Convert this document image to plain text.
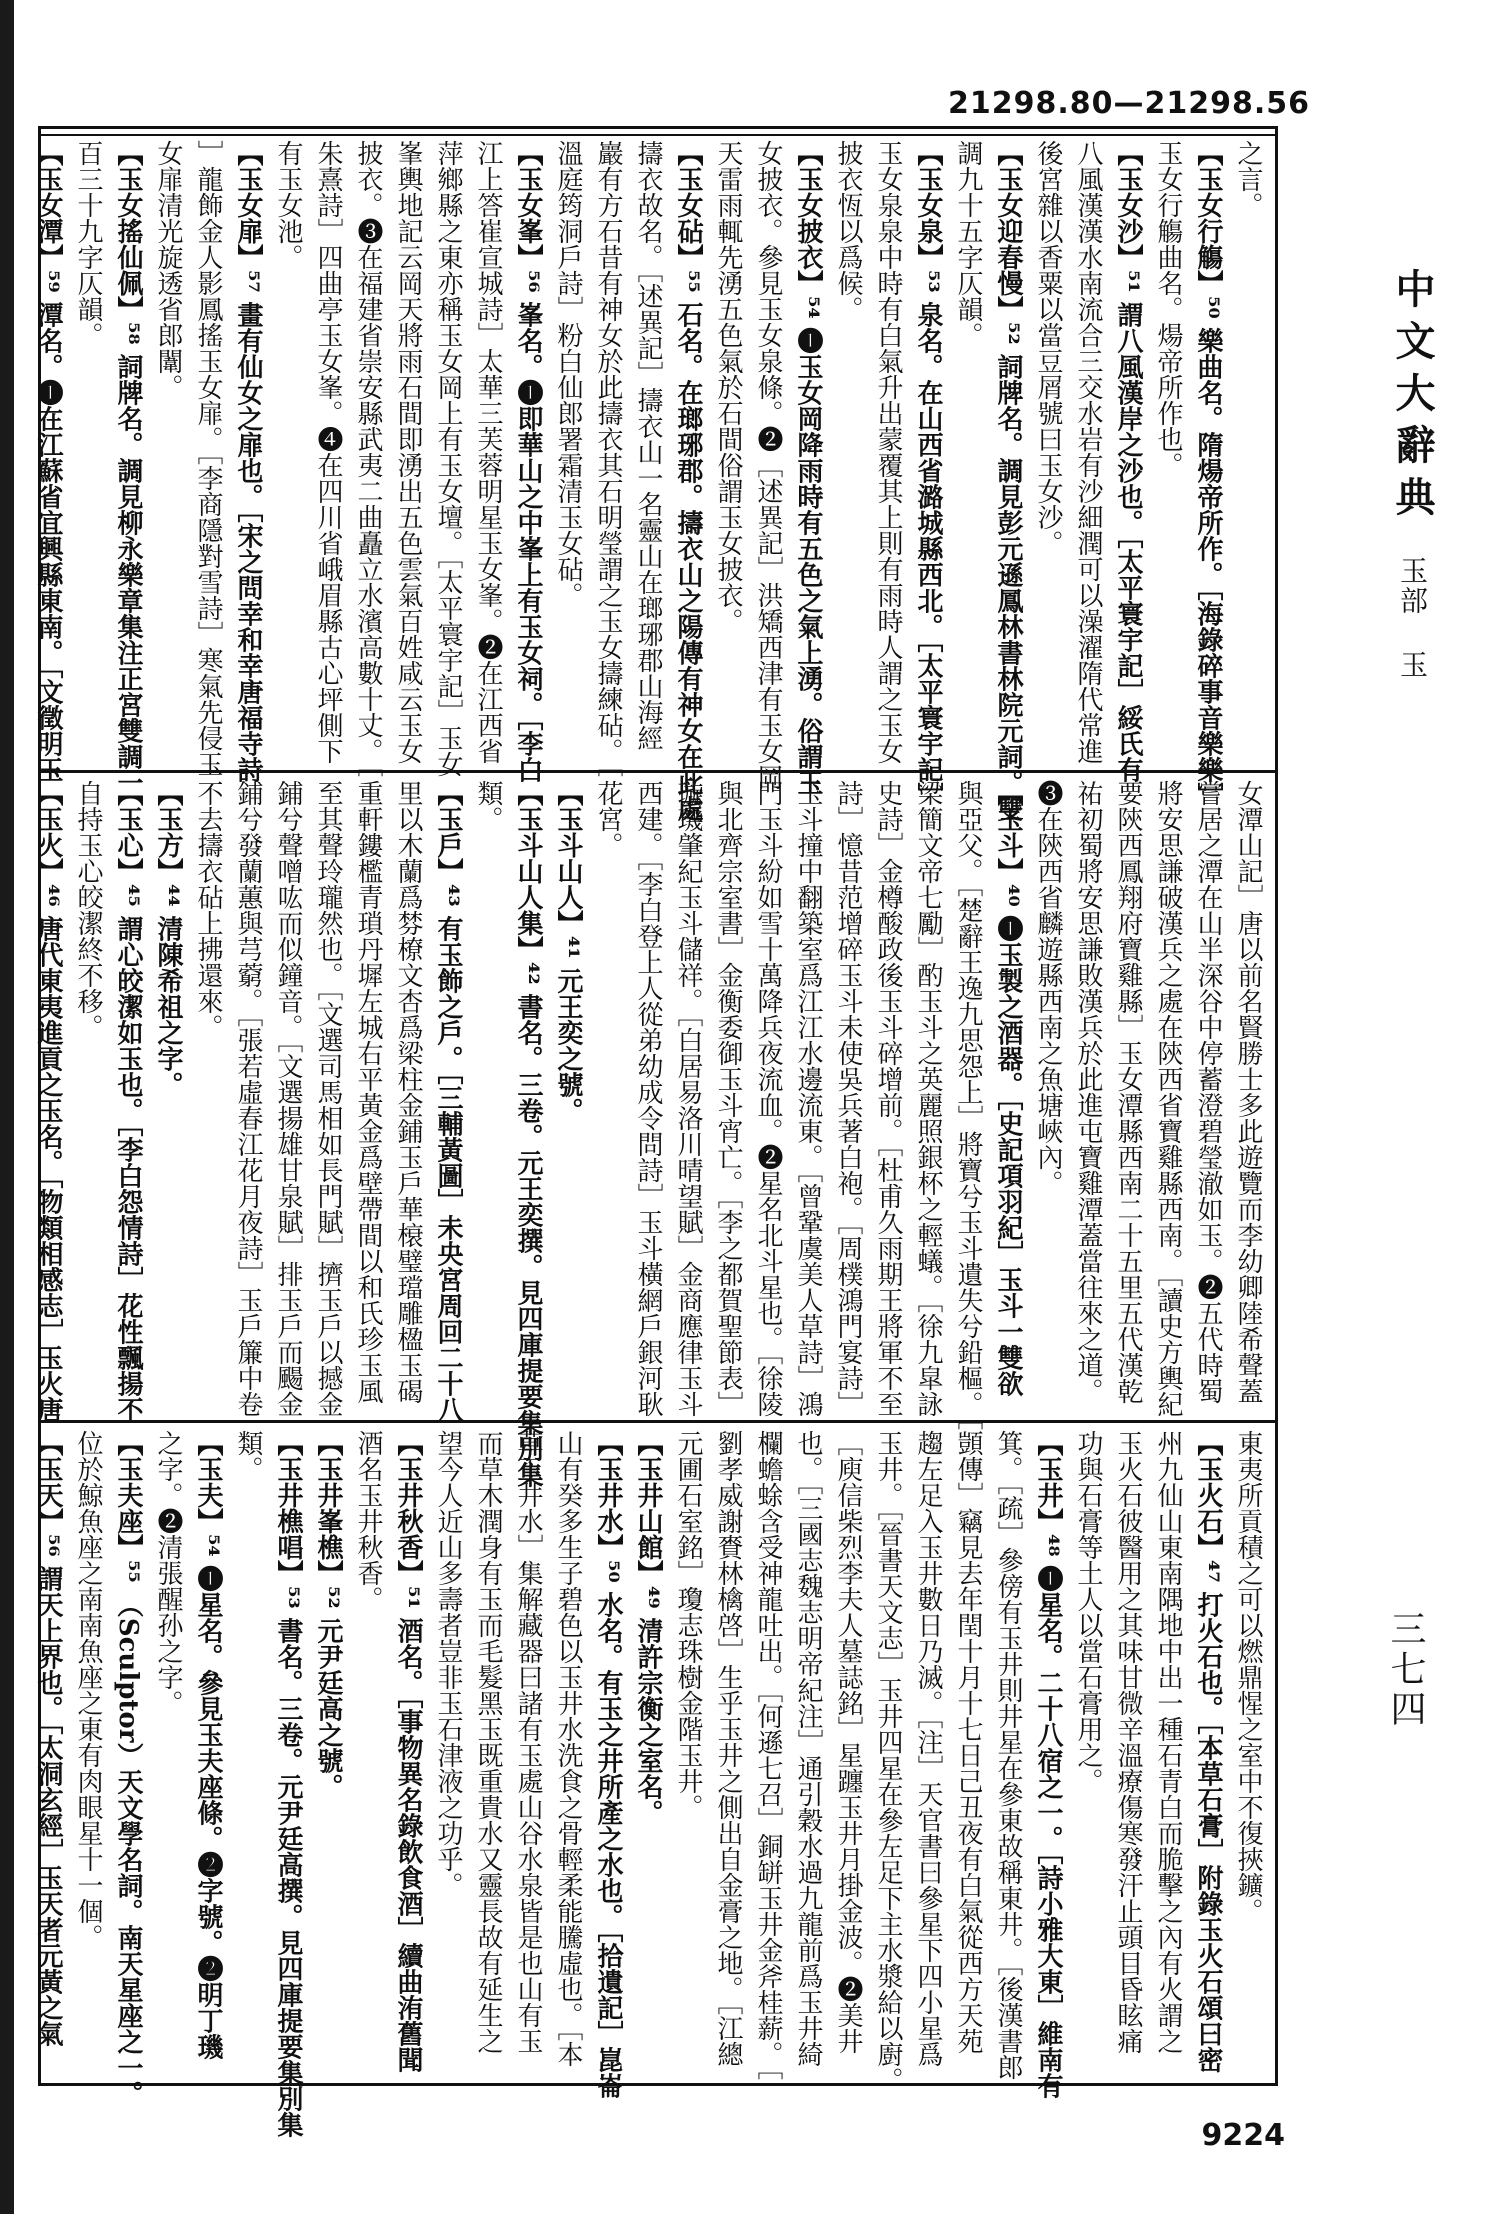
21298.80—21298.56
之言。
【玉女行觴】⁵⁰ 樂曲名。隋煬帝所作。［海錄碎事音樂樂］
玉女行觴曲名。煬帝所作也。
【玉女沙】⁵¹ 謂八風漢岸之沙也。［太平寰宇記］綏氏有
八風漢漢水南流合三交水岩有沙細潤可以澡濯隋代常進
後宮雜以香粟以當豆屑號曰玉女沙。
【玉女迎春慢】⁵² 詞牌名。調見彭元遜鳳林書林院元詞。雙
調九十五字仄韻。
【玉女泉】⁵³ 泉名。在山西省潞城縣西北。［太平寰宇記］
玉女泉泉中時有白氣升出蒙覆其上則有雨時人謂之玉女
披衣恆以爲候。
【玉女披衣】⁵⁴ ❶玉女岡降雨時有五色之氣上湧。俗謂玉
女披衣。參見玉女泉條。❷［述異記］洪矯西津有玉女岡
天雷雨輒先湧五色氣於石間俗謂玉女披衣。
【玉女砧】⁵⁵ 石名。在瑯琊郡。擣衣山之陽傳有神女在此處
擣衣故名。［述異記］擣衣山一名靈山在瑯琊郡山海經
巖有方石昔有神女於此擣衣其石明瑩謂之玉女擣練砧。［
溫庭筠洞戶詩］粉白仙郎署霜清玉女砧。
【玉女峯】⁵⁶ 峯名。❶即華山之中峯上有玉女祠。［李白
江上答崔宣城詩］太華三芙蓉明星玉女峯。❷在江西省
萍鄉縣之東亦稱玉女岡上有玉女壇。［太平寰宇記］玉女
峯輿地記云岡天將雨石間即湧出五色雲氣百姓咸云玉女
披衣。❸在福建省崇安縣武夷二曲矗立水濱高數十丈。［
朱熹詩］四曲亭玉女峯。❹在四川省峨眉縣古心坪側下
有玉女池。
【玉女扉】⁵⁷ 畫有仙女之扉也。［宋之問幸和幸唐福寺詩
］龍飾金人影鳳搖玉女扉。［李商隱對雪詩］寒氣先侵玉
女扉清光旋透省郎闈。
【玉女搖仙佩】⁵⁸ 詞牌名。調見柳永樂章集注正宮雙調一
百三十九字仄韻。
【玉女潭】⁵⁹ 潭名。❶在江蘇省宜興縣東南。［文徵明玉
女潭山記］唐以前名賢勝士多此遊覽而李幼卿陸希聲蓋
嘗居之潭在山半深谷中停蓄澄碧瑩澈如玉。❷五代時蜀
將安思謙破漢兵之處在陝西省寶雞縣西南。［讀史方輿紀
要陝西鳳翔府寶雞縣］玉女潭縣西南二十五里五代漢乾
祐初蜀將安思謙敗漢兵於此進屯寶雞潭蓋當往來之道。
❸在陝西省麟遊縣西南之魚塘峽內。
【玉斗】⁴⁰ ❶玉製之酒器。［史記項羽紀］玉斗一雙欲
與亞父。［楚辭王逸九思怨上］將寶兮玉斗遺失兮鉛樞。［
梁簡文帝七勵］酌玉斗之英麗照銀杯之輕蟻。［徐九皐詠
史詩］金樽酸政後玉斗碎增前。［杜甫久雨期王將軍不至
詩］憶昔范增碎玉斗未使吳兵著白袍。［周樸鴻門宴詩］
玉斗撞中翻築室爲江江水邊流東。［曾鞏虞美人草詩］鴻
門玉斗紛如雪十萬降兵夜流血。❷星名北斗星也。［徐陵
與北齊宗室書］金衡委御玉斗宵亡。［李之都賀聖節表］
璇璣肇紀玉斗儲祥。［白居易洛川晴望賦］金商應律玉斗
西建。［李白登上人從弟幼成令問詩］玉斗橫網戶銀河耿
花宮。
【玉斗山人】⁴¹ 元王奕之號。
【玉斗山人集】⁴² 書名。三卷。元王奕撰。見四庫提要集別集
類。
【玉戶】⁴³ 有玉飾之戶。［三輔黃圖］未央宮周回二十八
里以木蘭爲棼橑文杏爲梁柱金鋪玉戶華榱璧璫雕楹玉碣
重軒鏤檻青瑣丹墀左城右平黃金爲壁帶間以和氏珍玉風
至其聲玲瓏然也。［文選司馬相如長門賦］擠玉戶以撼金
鋪兮聲噌吰而似鐘音。［文選揚雄甘泉賦］排玉戶而颺金
鋪兮發蘭蕙與芎藭。［張若虛春江花月夜詩］玉戶簾中卷
不去擣衣砧上拂還來。
【玉方】⁴⁴ 清陳希祖之字。
【玉心】⁴⁵ 謂心皎潔如玉也。［李白怨情詩］花性飄揚不
自持玉心皎潔終不移。
【玉火】⁴⁶ 唐代東夷進貢之玉名。［物類相感志］玉火唐
東夷所貢積之可以燃鼎惺之室中不復挾鑛。
【玉火石】⁴⁷ 打火石也。［本草石膏］附錄玉火石頌曰密
州九仙山東南隅地中出一種石青白而脆擊之內有火謂之
玉火石彼醫用之其味甘微辛溫療傷寒發汗止頭目昏眩痛
功與石膏等土人以當石膏用之。
【玉井】⁴⁸ ❶星名。二十八宿之一。［詩小雅大東］維南有
箕。［疏］參傍有玉井則井星在參東故稱東井。［後漢書郎
顗傳］竊見去年閏十月十七日己丑夜有白氣從西方天苑
趨左足入玉井數日乃滅。［注］天官書曰參星下四小星爲
玉井。［晉書天文志］玉井四星在參左足下主水漿給以廚。
［庾信柴烈李夫人墓誌銘］星躔玉井月掛金波。❷美井
也。［三國志魏志明帝紀注］通引穀水過九龍前爲玉井綺
欄蟾蜍含受神龍吐出。［何遜七召］銅缾玉井金斧桂薪。［
劉孝威謝賚林檎啓］生乎玉井之側出自金膏之地。［江總
元圃石室銘］瓊志珠樹金階玉井。
【玉井山館】⁴⁹ 清許宗衡之室名。
【玉井水】⁵⁰ 水名。有玉之井所產之水也。［拾遺記］崑崙
山有癸多生子碧色以玉井水洗食之骨輕柔能騰虛也。［本
草玉井水］集解藏器曰諸有玉處山谷水泉皆是也山有玉
而草木潤身有玉而毛髮黑玉既重貴水又靈長故有延生之
望今人近山多壽者豈非玉石津液之功乎。
【玉井秋香】⁵¹ 酒名。［事物異名錄飲食酒］續曲洧舊聞
酒名玉井秋香。
【玉井峯樵】⁵² 元尹廷高之號。
【玉井樵唱】⁵³ 書名。三卷。元尹廷高撰。見四庫提要集別集
類。
【玉夫】⁵⁴ ❶星名。參見玉夫座條。❷字號。❷明丁璣
之字。❷清張醒孙之字。
【玉夫座】⁵⁵ （Sculptor）天文學名詞。南天星座之一。
位於鯨魚座之南南魚座之東有肉眼星十一個。
【玉天】⁵⁶ 謂天上界也。［太洞玄經］玉天者元黃之氣
中文大辭典
玉部
玉
三七四
9224
